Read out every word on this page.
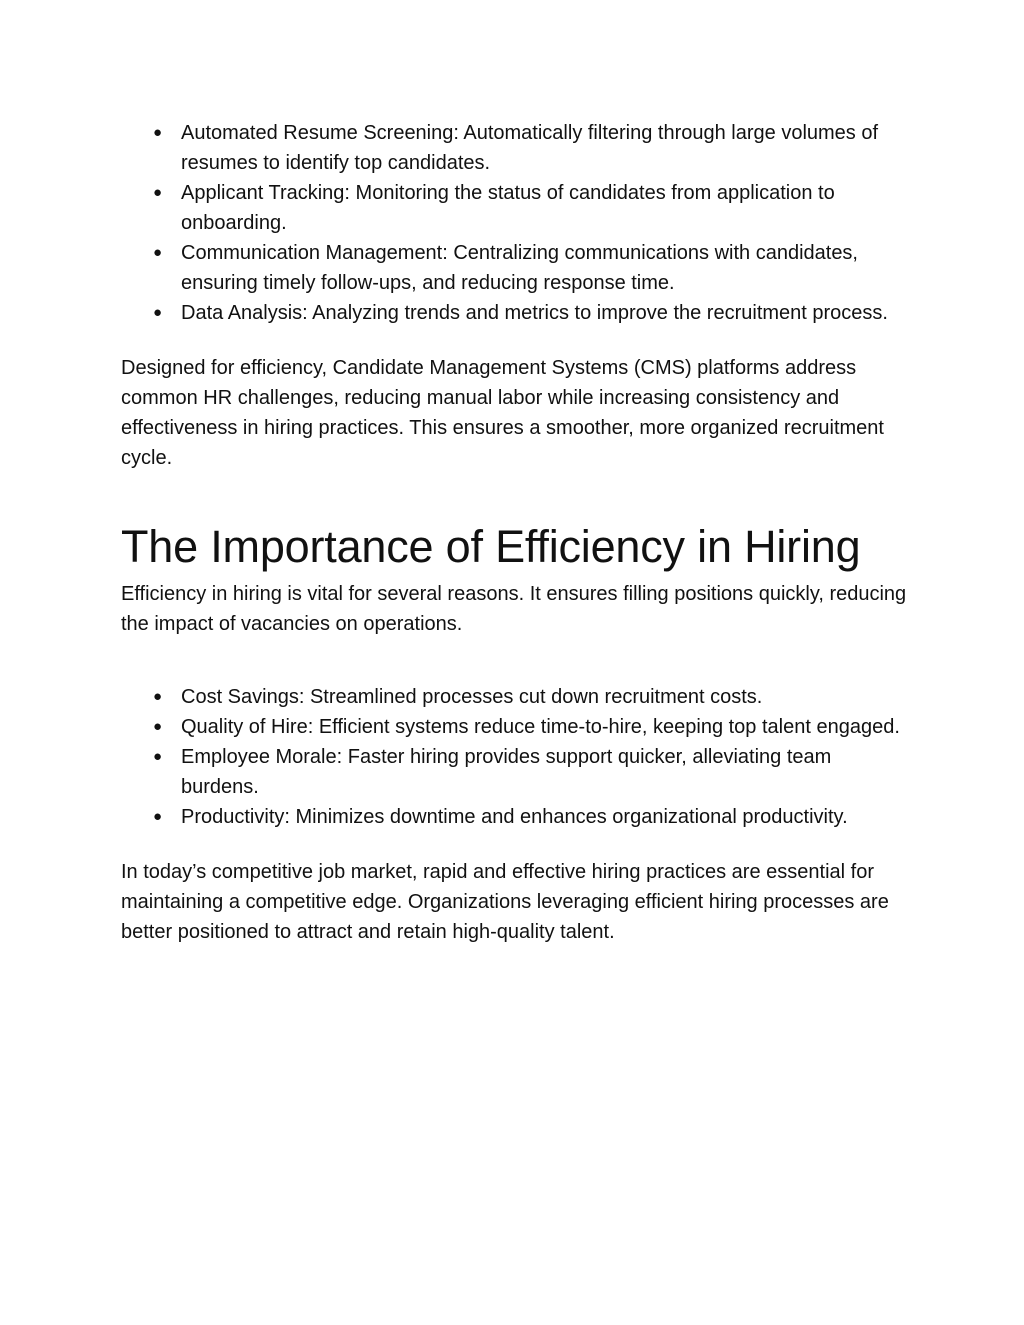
● Automated Resume Screening: Automatically filtering through large volumes of resumes to identify top candidates.
● Applicant Tracking: Monitoring the status of candidates from application to onboarding.
● Communication Management: Centralizing communications with candidates, ensuring timely follow-ups, and reducing response time.
● Data Analysis: Analyzing trends and metrics to improve the recruitment process.

Designed for efficiency, Candidate Management Systems (CMS) platforms address common HR challenges, reducing manual labor while increasing consistency and effectiveness in hiring practices. This ensures a smoother, more organized recruitment cycle.

The Importance of Efficiency in Hiring

Efficiency in hiring is vital for several reasons. It ensures filling positions quickly, reducing the impact of vacancies on operations.

● Cost Savings: Streamlined processes cut down recruitment costs.
● Quality of Hire: Efficient systems reduce time-to-hire, keeping top talent engaged.
● Employee Morale: Faster hiring provides support quicker, alleviating team burdens.
● Productivity: Minimizes downtime and enhances organizational productivity.

In today’s competitive job market, rapid and effective hiring practices are essential for maintaining a competitive edge. Organizations leveraging efficient hiring processes are better positioned to attract and retain high-quality talent.
